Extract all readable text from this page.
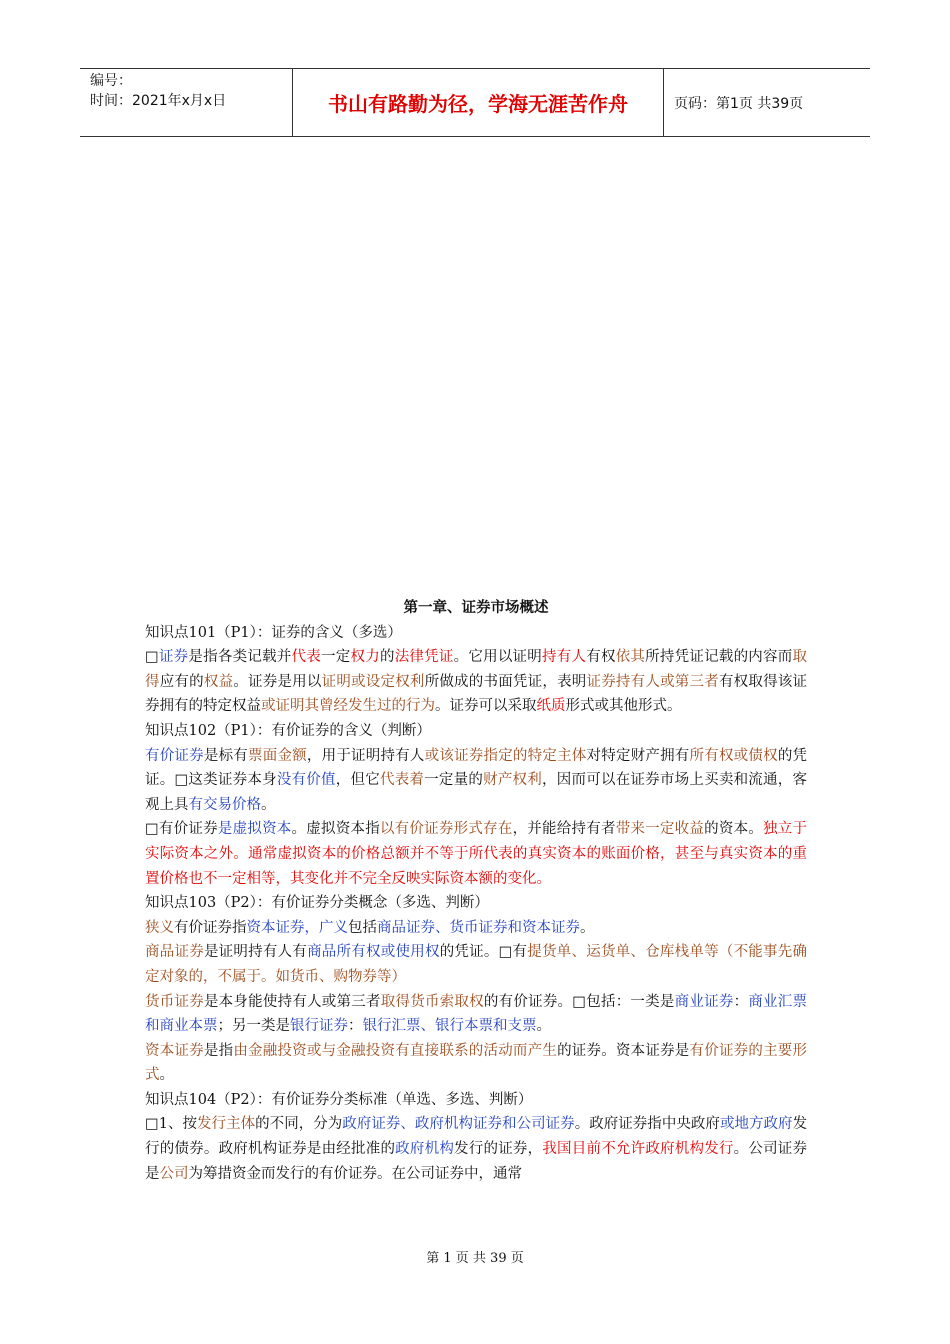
编号：
时间：2021年x月x日	书山有路勤为径，学海无涯苦作舟	页码：第1页 共39页
第一章、证券市场概述
知识点101（P1）：证券的含义（多选）
□证券是指各类记载并代表一定权力的法律凭证。它用以证明持有人有权依其所持凭证记载的内容而取得应有的权益。证券是用以证明或设定权利所做成的书面凭证，表明证券持有人或第三者有权取得该证券拥有的特定权益或证明其曾经发生过的行为。证券可以采取纸质形式或其他形式。
知识点102（P1）：有价证券的含义（判断）
有价证券是标有票面金额，用于证明持有人或该证券指定的特定主体对特定财产拥有所有权或债权的凭证。□这类证券本身没有价值，但它代表着一定量的财产权利，因而可以在证券市场上买卖和流通，客观上具有交易价格。
□有价证券是虚拟资本。虚拟资本指以有价证券形式存在，并能给持有者带来一定收益的资本。独立于实际资本之外。通常虚拟资本的价格总额并不等于所代表的真实资本的账面价格，甚至与真实资本的重置价格也不一定相等，其变化并不完全反映实际资本额的变化。
知识点103（P2）：有价证券分类概念（多选、判断）
狭义有价证券指资本证券，广义包括商品证券、货币证券和资本证券。
商品证券是证明持有人有商品所有权或使用权的凭证。□有提货单、运货单、仓库栈单等（不能事先确定对象的，不属于。如货币、购物券等）
货币证券是本身能使持有人或第三者取得货币索取权的有价证券。□包括：一类是商业证券：商业汇票和商业本票；另一类是银行证券：银行汇票、银行本票和支票。
资本证券是指由金融投资或与金融投资有直接联系的活动而产生的证券。资本证券是有价证券的主要形式。
知识点104（P2）：有价证券分类标准（单选、多选、判断）
□1、按发行主体的不同，分为政府证券、政府机构证券和公司证券。政府证券指中央政府或地方政府发行的债券。政府机构证券是由经批准的政府机构发行的证券，我国目前不允许政府机构发行。公司证券是公司为筹措资金而发行的有价证券。在公司证券中，通常
第 1 页 共 39 页
